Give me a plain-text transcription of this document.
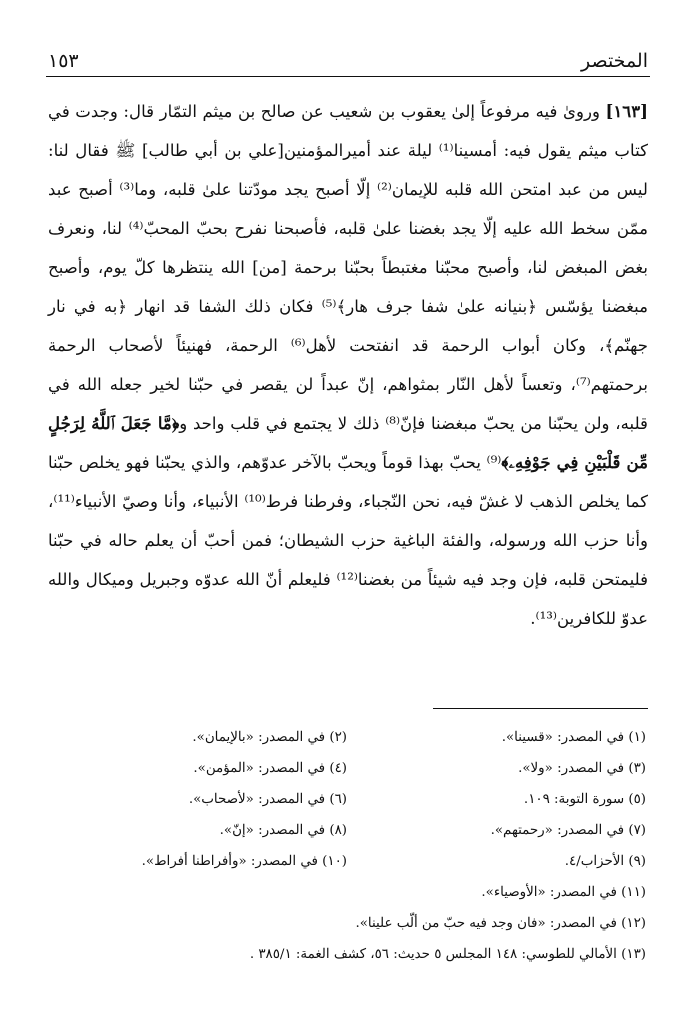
المختصر
١٥٣
[١٦٣] ورویٰ فيه مرفوعاً إلىٰ يعقوب بن شعيب عن صالح بن ميثم التمّار قال: وجدت في كتاب ميثم يقول فيه: أمسينا⁽¹⁾ ليلة عند أميرالمؤمنين[علي بن أبي طالب] ﷺ فقال لنا: ليس من عبد امتحن الله قلبه للإيمان⁽²⁾ إلّا أصبح يجد مودّتنا علىٰ قلبه، وما⁽³⁾ أصبح عبد ممّن سخط الله عليه إلّا يجد بغضنا علىٰ قلبه، فأصبحنا نفرح بحبّ المحبّ⁽⁴⁾ لنا، ونعرف بغض المبغض لنا، وأصبح محبّنا مغتبطاً بحبّنا برحمة [من] الله ينتظرها كلّ يوم، وأصبح مبغضنا يؤسّس ﴿بنيانه علىٰ شفا جرف هار﴾⁽⁵⁾ فكان ذلك الشفا قد انهار ﴿به في نار جهنّم﴾، وكان أبواب الرحمة قد انفتحت لأهل⁽⁶⁾ الرحمة، فهنيئاً لأصحاب الرحمة برحمتهم⁽⁷⁾، وتعساً لأهل النّار بمثواهم، إنّ عبداً لن يقصر في حبّنا لخير جعله الله في قلبه، ولن يحبّنا من يحبّ مبغضنا فإنّ⁽⁸⁾ ذلك لا يجتمع في قلب واحد و﴿مَّا جَعَلَ ٱللَّهُ لِرَجُلٍ مِّن قَلْبَيْنِ فِي جَوْفِهِۦ﴾⁽⁹⁾ يحبّ بهذا قوماً ويحبّ بالآخر عدوّهم، والذي يحبّنا فهو يخلص حبّنا كما يخلص الذهب لا غشّ فيه، نحن النّجباء، وفرطنا فرط⁽¹⁰⁾ الأنبياء، وأنا وصيّ الأنبياء⁽¹¹⁾، وأنا حزب الله ورسوله، والفئة الباغية حزب الشيطان؛ فمن أحبّ أن يعلم حاله في حبّنا فليمتحن قلبه، فإن وجد فيه شيئاً من بغضنا⁽¹²⁾ فليعلم أنّ الله عدوّه وجبريل وميكال والله عدوّ للكافرين⁽¹³⁾.
(١) في المصدر: «قسينا».
(٢) في المصدر: «بالإيمان».
(٣) في المصدر: «ولا».
(٤) في المصدر: «المؤمن».
(٥) سورة التوبة: ١٠٩.
(٦) في المصدر: «لأصحاب».
(٧) في المصدر: «رحمتهم».
(٨) في المصدر: «إنّ».
(٩) الأحزاب/٤.
(١٠) في المصدر: «وأفراطنا أفراط».
(١١) في المصدر: «الأوصياء».
(١٢) في المصدر: «فان وجد فيه حبّ من ألّب علينا».
(١٣) الأمالي للطوسي: ١٤٨ المجلس ٥ حديث: ٥٦، كشف الغمة: ٣٨٥/١ .
